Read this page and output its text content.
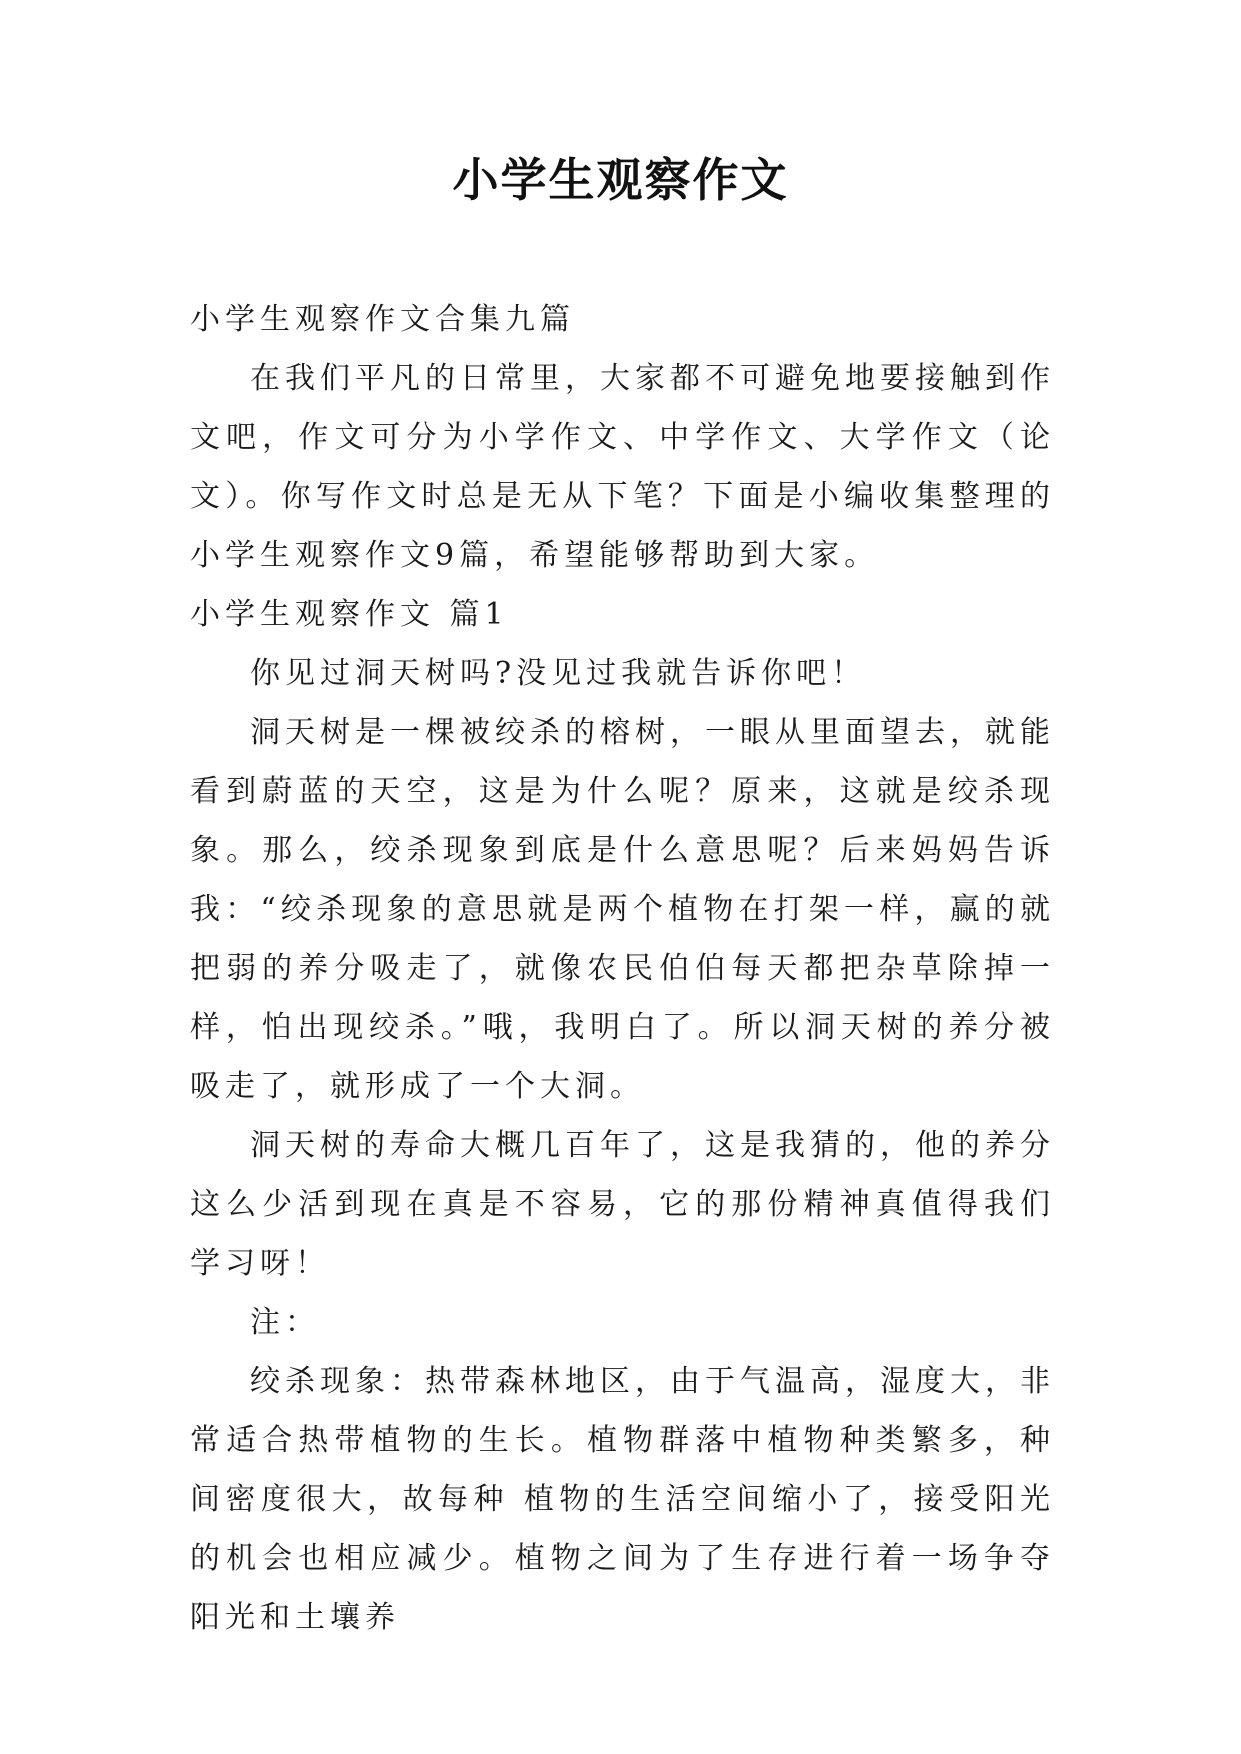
小学生观察作文

小学生观察作文合集九篇

在我们平凡的日常里，大家都不可避免地要接触到作文吧，作文可分为小学作文、中学作文、大学作文（论文）。你写作文时总是无从下笔？下面是小编收集整理的小学生观察作文9篇，希望能够帮助到大家。

小学生观察作文 篇1

你见过洞天树吗?没见过我就告诉你吧！

洞天树是一棵被绞杀的榕树，一眼从里面望去，就能看到蔚蓝的天空，这是为什么呢？原来，这就是绞杀现象。那么，绞杀现象到底是什么意思呢？后来妈妈告诉我：“绞杀现象的意思就是两个植物在打架一样，赢的就把弱的养分吸走了，就像农民伯伯每天都把杂草除掉一样，怕出现绞杀。”哦，我明白了。所以洞天树的养分被吸走了，就形成了一个大洞。

洞天树的寿命大概几百年了，这是我猜的，他的养分这么少活到现在真是不容易，它的那份精神真值得我们学习呀！

注：

绞杀现象：热带森林地区，由于气温高，湿度大，非常适合热带植物的生长。植物群落中植物种类繁多，种间密度很大，故每种 植物的生活空间缩小了，接受阳光的机会也相应减少。植物之间为了生存进行着一场争夺阳光和土壤养
